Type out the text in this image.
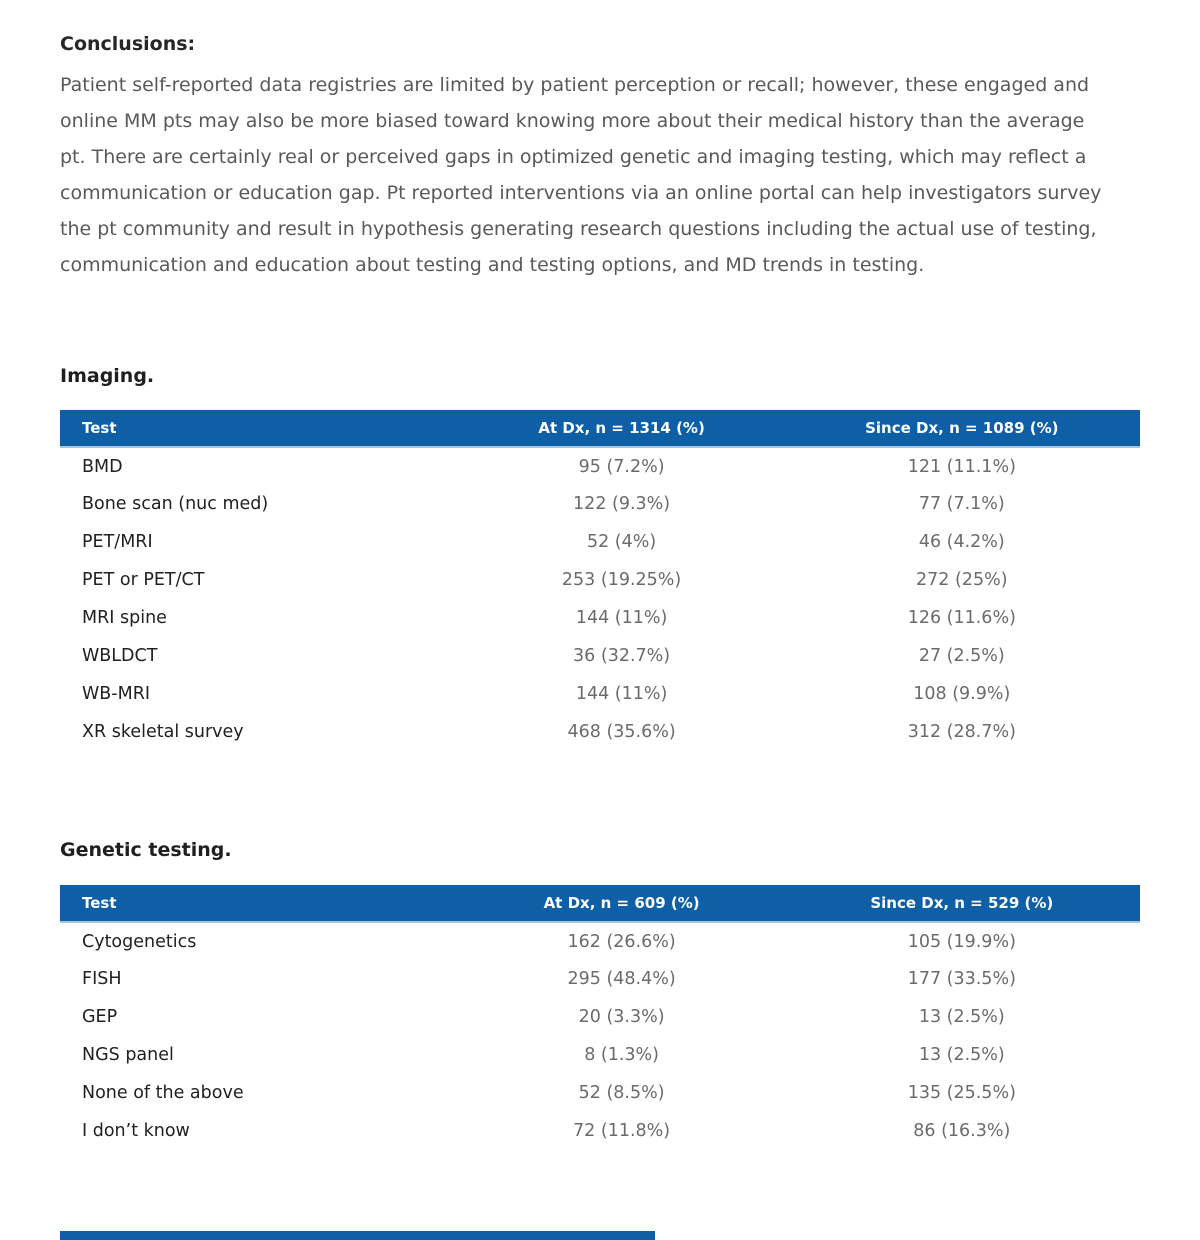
Conclusions:

Patient self-reported data registries are limited by patient perception or recall; however, these engaged and online MM pts may also be more biased toward knowing more about their medical history than the average pt. There are certainly real or perceived gaps in optimized genetic and imaging testing, which may reflect a communication or education gap. Pt reported interventions via an online portal can help investigators survey the pt community and result in hypothesis generating research questions including the actual use of testing, communication and education about testing and testing options, and MD trends in testing.

Imaging.
Test	At Dx, n = 1314 (%)	Since Dx, n = 1089 (%)
BMD	95 (7.2%)	121 (11.1%)
Bone scan (nuc med)	122 (9.3%)	77 (7.1%)
PET/MRI	52 (4%)	46 (4.2%)
PET or PET/CT	253 (19.25%)	272 (25%)
MRI spine	144 (11%)	126 (11.6%)
WBLDCT	36 (32.7%)	27 (2.5%)
WB-MRI	144 (11%)	108 (9.9%)
XR skeletal survey	468 (35.6%)	312 (28.7%)
Genetic testing.
Test	At Dx, n = 609 (%)	Since Dx, n = 529 (%)
Cytogenetics	162 (26.6%)	105 (19.9%)
FISH	295 (48.4%)	177 (33.5%)
GEP	20 (3.3%)	13 (2.5%)
NGS panel	8 (1.3%)	13 (2.5%)
None of the above	52 (8.5%)	135 (25.5%)
I don’t know	72 (11.8%)	86 (16.3%)
